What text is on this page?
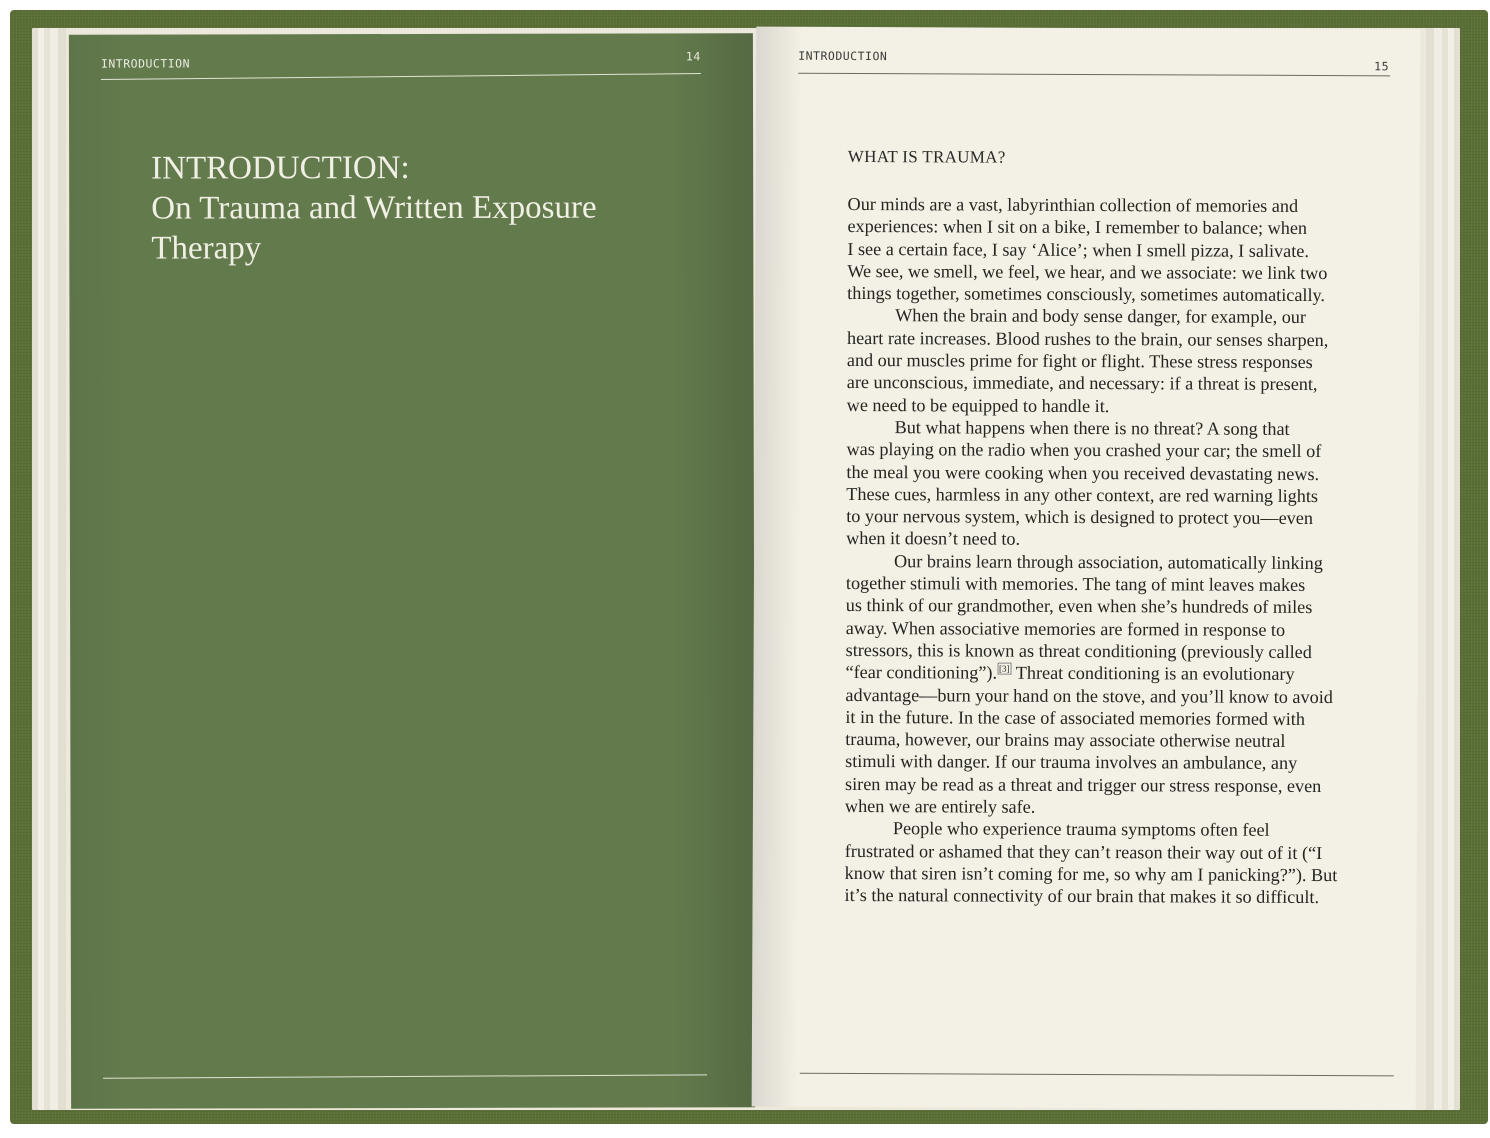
INTRODUCTION
14
INTRODUCTION:
On Trauma and Written Exposure
Therapy
INTRODUCTION
15
WHAT IS TRAUMA?
Our minds are a vast, labyrinthian collection of memories and
experiences: when I sit on a bike, I remember to balance; when
I see a certain face, I say ‘Alice’; when I smell pizza, I salivate.
We see, we smell, we feel, we hear, and we associate: we link two
things together, sometimes consciously, sometimes automatically.
When the brain and body sense danger, for example, our
heart rate increases. Blood rushes to the brain, our senses sharpen,
and our muscles prime for fight or flight. These stress responses
are unconscious, immediate, and necessary: if a threat is present,
we need to be equipped to handle it.
But what happens when there is no threat? A song that
was playing on the radio when you crashed your car; the smell of
the meal you were cooking when you received devastating news.
These cues, harmless in any other context, are red warning lights
to your nervous system, which is designed to protect you—even
when it doesn’t need to.
Our brains learn through association, automatically linking
together stimuli with memories. The tang of mint leaves makes
us think of our grandmother, even when she’s hundreds of miles
away. When associative memories are formed in response to
stressors, this is known as threat conditioning (previously called
“fear conditioning”). [3] Threat conditioning is an evolutionary
advantage—burn your hand on the stove, and you’ll know to avoid
it in the future. In the case of associated memories formed with
trauma, however, our brains may associate otherwise neutral
stimuli with danger. If our trauma involves an ambulance, any
siren may be read as a threat and trigger our stress response, even
when we are entirely safe.
People who experience trauma symptoms often feel
frustrated or ashamed that they can’t reason their way out of it (“I
know that siren isn’t coming for me, so why am I panicking?”). But
it’s the natural connectivity of our brain that makes it so difficult.
